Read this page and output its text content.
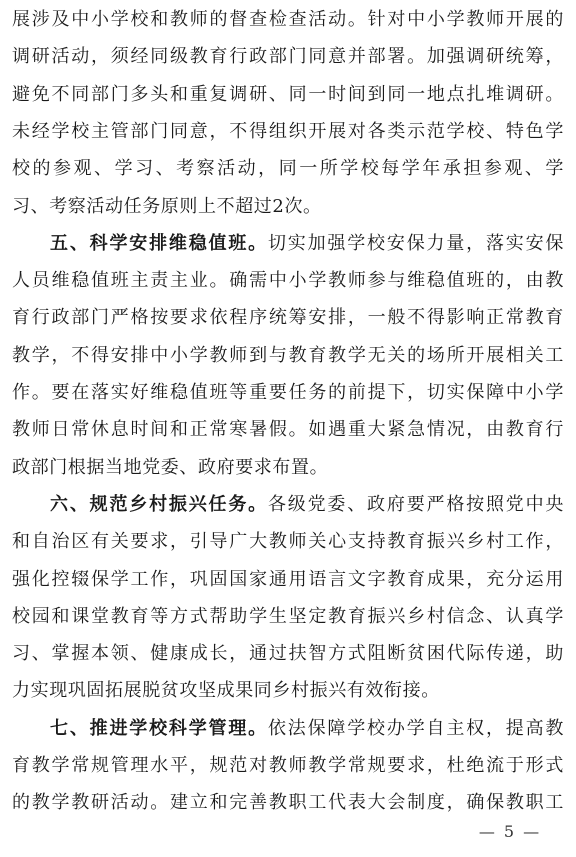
展涉及中小学校和教师的督查检查活动。针对中小学教师开展的
调研活动，须经同级教育行政部门同意并部署。加强调研统筹，
避免不同部门多头和重复调研、同一时间到同一地点扎堆调研。
未经学校主管部门同意，不得组织开展对各类示范学校、特色学
校的参观、学习、考察活动，同一所学校每学年承担参观、学
习、考察活动任务原则上不超过2次。
五、科学安排维稳值班。切实加强学校安保力量，落实安保
人员维稳值班主责主业。确需中小学教师参与维稳值班的，由教
育行政部门严格按要求依程序统筹安排，一般不得影响正常教育
教学，不得安排中小学教师到与教育教学无关的场所开展相关工
作。要在落实好维稳值班等重要任务的前提下，切实保障中小学
教师日常休息时间和正常寒暑假。如遇重大紧急情况，由教育行
政部门根据当地党委、政府要求布置。
六、规范乡村振兴任务。各级党委、政府要严格按照党中央
和自治区有关要求，引导广大教师关心支持教育振兴乡村工作，
强化控辍保学工作，巩固国家通用语言文字教育成果，充分运用
校园和课堂教育等方式帮助学生坚定教育振兴乡村信念、认真学
习、掌握本领、健康成长，通过扶智方式阻断贫困代际传递，助
力实现巩固拓展脱贫攻坚成果同乡村振兴有效衔接。
七、推进学校科学管理。依法保障学校办学自主权，提高教
育教学常规管理水平，规范对教师教学常规要求，杜绝流于形式
的教学教研活动。建立和完善教职工代表大会制度，确保教职工
— 5 —
